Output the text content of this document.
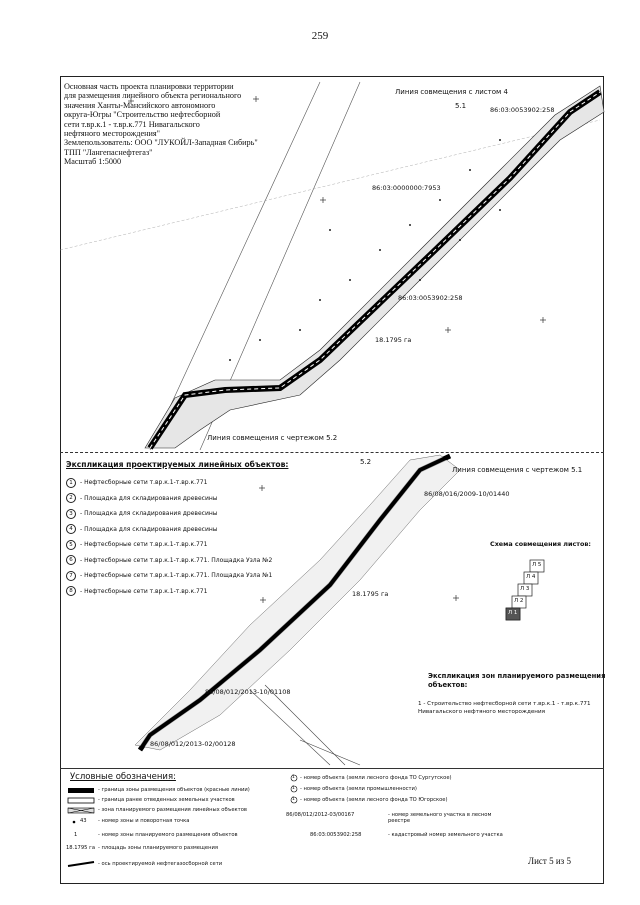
259
Основная часть проекта планировки территории
для размещения линейного объекта регионального
значения Ханты-Мансийского автономного
округа-Югры "Строительство нефтесборной
сети т.вр.к.1 - т.вр.к.771 Нивагальского
нефтяного месторождения"
Землепользователь: ООО "ЛУКОЙЛ-Западная Сибирь"
ТПП "Лангепаснефтегаз"
Масштаб 1:5000
Линия совмещения с листом 4
5.1	86:03:0053902:258
86:03:0000000:7953
86:03:0053902:258
18.1795 га
Линия совмещения с чертежом 5.2
5.2
Линия совмещения с чертежом 5.1
86/08/016/2009-10/01440
18.1795 га
86/08/012/2013-10/01108
86/08/012/2013-02/00128
Экспликация проектируемых линейных объектов:
1	- Нефтесборные сети т.вр.к.1-т.вр.к.771
2	- Площадка для складирования древесины
3	- Площадка для складирования древесины
4	- Площадка для складирования древесины
5	- Нефтесборные сети т.вр.к.1-т.вр.к.771
6	- Нефтесборные сети т.вр.к.1-т.вр.к.771. Площадка Узла №2
7	- Нефтесборные сети т.вр.к.1-т.вр.к.771. Площадка Узла №1
8	- Нефтесборные сети т.вр.к.1-т.вр.к.771
Схема совмещения листов:
Л 5
Л 4
Л 3
Л 2
Л 1
Экспликация зон планируемого размещения объектов:
1 - Строительство нефтесборной сети т.вр.к.1 - т.вр.к.771 Нивагальского нефтяного месторождения
Условные обозначения:
- граница зоны размещения объектов (красные линии)
- граница ранее отведенных земельных участков
- зона планируемого размещения линейных объектов
43 - номер зоны и поворотная точка
1	- номер зоны планируемого размещения объектов
18.1795 га - площадь зоны планируемого размещения
- ось проектируемой нефтегазосборной сети
1 - номер объекта (земли лесного фонда ТО Сургутское)
1 - номер объекта (земли промышленности)
1 - номер объекта (земли лесного фонда ТО Югорское)
86/08/012/2012-03/00167	- номер земельного участка в лесном реестре
86:03:0053902:258	- кадастровый номер земельного участка
Лист 5 из 5
